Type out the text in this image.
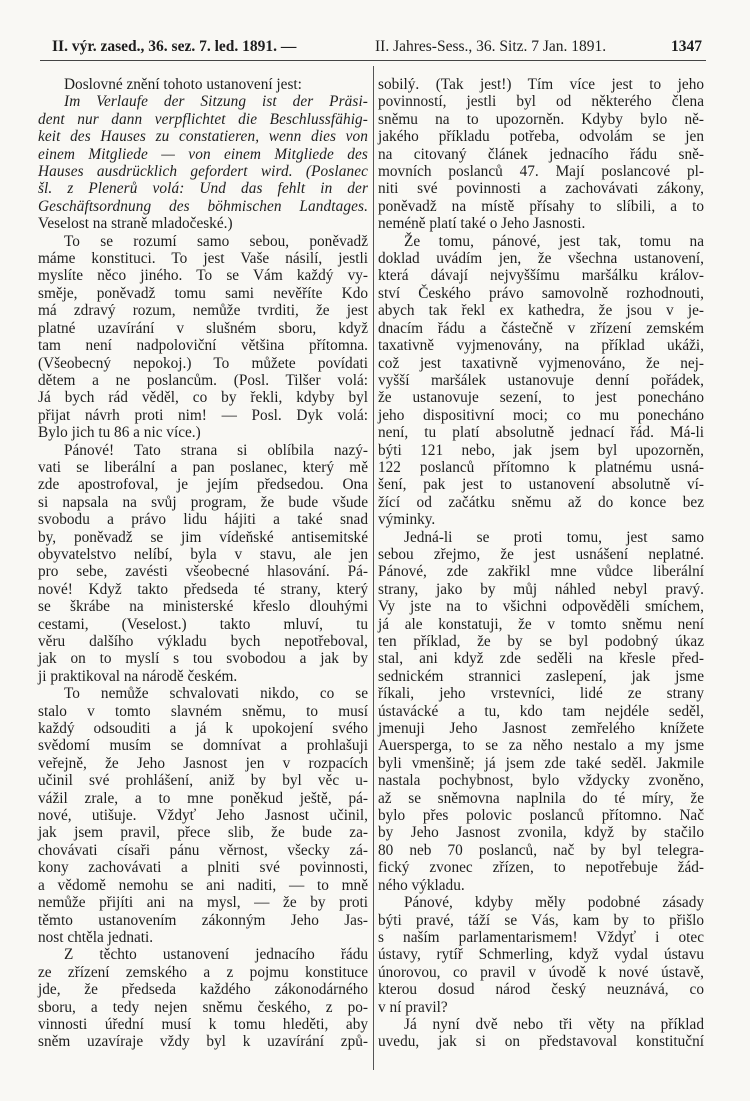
II. výr. zased., 36. sez. 7. led. 1891. —	II. Jahres-Sess., 36. Sitz. 7 Jan. 1891.	1347
Doslovné znění tohoto ustanovení jest:
Im Verlaufe der Sitzung ist der Präsi-
dent nur dann verpflichtet die Beschlussfähig-
keit des Hauses zu constatieren, wenn dies von
einem Mitgliede — von einem Mitgliede des
Hauses ausdrücklich gefordert wird. (Poslanec
šl. z Plenerů volá: Und das fehlt in der
Geschäftsordnung des böhmischen Landtages.
Veselost na straně mladočeské.)
To se rozumí samo sebou, poněvadž
máme konstituci. To jest Vaše násilí, jestli
myslíte něco jiného. To se Vám každý vy-
směje, poněvadž tomu sami nevěříte Kdo
má zdravý rozum, nemůže tvrditi, že jest
platné uzavírání v slušném sboru, když
tam není nadpoloviční většina přítomna.
(Všeobecný nepokoj.) To můžete povídati
dětem a ne poslancům. (Posl. Tilšer volá:
Já bych rád věděl, co by řekli, kdyby byl
přijat návrh proti nim! — Posl. Dyk volá:
Bylo jich tu 86 a nic více.)
Pánové! Tato strana si oblíbila nazý-
vati se liberální a pan poslanec, který mě
zde apostrofoval, je jejím předsedou. Ona
si napsala na svůj program, že bude všude
svobodu a právo lidu hájiti a také snad
by, poněvadž se jim vídeňské antisemitské
obyvatelstvo nelíbí, byla v stavu, ale jen
pro sebe, zavésti všeobecné hlasování. Pá-
nové! Když takto předseda té strany, který
se škrábe na ministerské křeslo dlouhými
cestami, (Veselost.) takto mluví, tu
věru dalšího výkladu bych nepotřeboval,
jak on to myslí s tou svobodou a jak by
ji praktikoval na národě českém.
To nemůže schvalovati nikdo, co se
stalo v tomto slavném sněmu, to musí
každý odsouditi a já k upokojení svého
svědomí musím se domnívat a prohlašuji
veřejně, že Jeho Jasnost jen v rozpacích
učinil své prohlášení, aniž by byl věc u-
vážil zrale, a to mne poněkud ještě, pá-
nové, utišuje. Vždyť Jeho Jasnost učinil,
jak jsem pravil, přece slib, že bude za-
chovávati císaři pánu věrnost, všecky zá-
kony zachovávati a plniti své povinnosti,
a vědomě nemohu se ani naditi, — to mně
nemůže přijíti ani na mysl, — že by proti
těmto ustanovením zákonným Jeho Jas-
nost chtěla jednati.
Z těchto ustanovení jednacího řádu
ze zřízení zemského a z pojmu konstituce
jde, že předseda každého zákonodárného
sboru, a tedy nejen sněmu českého, z po-
vinnosti úřední musí k tomu hleděti, aby
sněm uzavíraje vždy byl k uzavírání způ-
sobilý. (Tak jest!) Tím více jest to jeho
povinností, jestli byl od některého člena
sněmu na to upozorněn. Kdyby bylo ně-
jakého příkladu potřeba, odvolám se jen
na citovaný článek jednacího řádu sně-
movních poslanců 47. Mají poslancové pl-
niti své povinnosti a zachovávati zákony,
poněvadž na místě přísahy to slíbili, a to
neméně platí také o Jeho Jasnosti.
Že tomu, pánové, jest tak, tomu na
doklad uvádím jen, že všechna ustanovení,
která dávají nejvyššímu maršálku králov-
ství Českého právo samovolně rozhodnouti,
abych tak řekl ex kathedra, že jsou v je-
dnacím řádu a částečně v zřízení zemském
taxativně vyjmenovány, na příklad ukáži,
což jest taxativně vyjmenováno, že nej-
vyšší maršálek ustanovuje denní pořádek,
že ustanovuje sezení, to jest ponecháno
jeho dispositivní moci; co mu ponecháno
není, tu platí absolutně jednací řád. Má-li
býti 121 nebo, jak jsem byl upozorněn,
122 poslanců přítomno k platnému usná-
šení, pak jest to ustanovení absolutně ví-
žící od začátku sněmu až do konce bez
výminky.
Jedná-li se proti tomu, jest samo
sebou zřejmo, že jest usnášení neplatné.
Pánové, zde zakřikl mne vůdce liberální
strany, jako by můj náhled nebyl pravý.
Vy jste na to všichni odpověděli smíchem,
já ale konstatuji, že v tomto sněmu není
ten příklad, že by se byl podobný úkaz
stal, ani když zde seděli na křesle před-
sednickém strannici zaslepení, jak jsme
říkali, jeho vrstevníci, lidé ze strany
ústavácké a tu, kdo tam nejdéle seděl,
jmenuji Jeho Jasnost zemřelého knížete
Auersperga, to se za něho nestalo a my jsme
byli vmenšině; já jsem zde také seděl. Jakmile
nastala pochybnost, bylo vždycky zvoněno,
až se sněmovna naplnila do té míry, že
bylo přes polovic poslanců přítomno. Nač
by Jeho Jasnost zvonila, když by stačilo
80 neb 70 poslanců, nač by byl telegra-
fický zvonec zřízen, to nepotřebuje žád-
ného výkladu.
Pánové, kdyby měly podobné zásady
býti pravé, táží se Vás, kam by to přišlo
s naším parlamentarismem! Vždyť i otec
ústavy, rytíř Schmerling, když vydal ústavu
únorovou, co pravil v úvodě k nové ústavě,
kterou dosud národ český neuznává, co
v ní pravil?
Já nyní dvě nebo tři věty na příklad
uvedu, jak si on představoval konstituční
